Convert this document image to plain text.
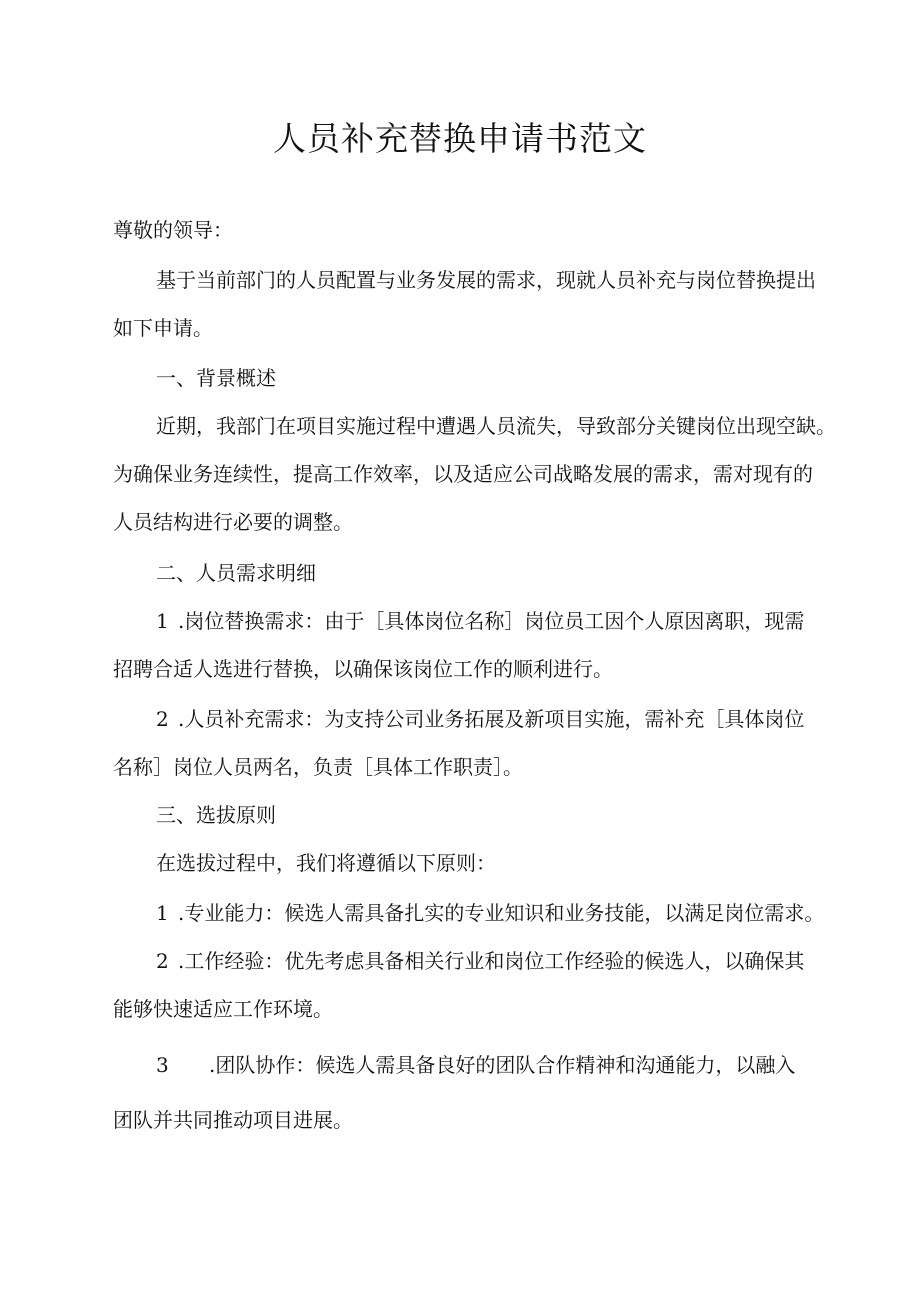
人员补充替换申请书范文

尊敬的领导：

基于当前部门的人员配置与业务发展的需求，现就人员补充与岗位替换提出

如下申请。

一、背景概述

近期，我部门在项目实施过程中遭遇人员流失，导致部分关键岗位出现空缺。

为确保业务连续性，提高工作效率，以及适应公司战略发展的需求，需对现有的

人员结构进行必要的调整。

二、人员需求明细

1 .岗位替换需求：由于［具体岗位名称］岗位员工因个人原因离职，现需

招聘合适人选进行替换，以确保该岗位工作的顺利进行。

2 .人员补充需求：为支持公司业务拓展及新项目实施，需补充［具体岗位

名称］岗位人员两名，负责［具体工作职责］。

三、选拔原则

在选拔过程中，我们将遵循以下原则：

1 .专业能力：候选人需具备扎实的专业知识和业务技能，以满足岗位需求。

2 .工作经验：优先考虑具备相关行业和岗位工作经验的候选人，以确保其

能够快速适应工作环境。

3 .团队协作：候选人需具备良好的团队合作精神和沟通能力，以融入

团队并共同推动项目进展。
